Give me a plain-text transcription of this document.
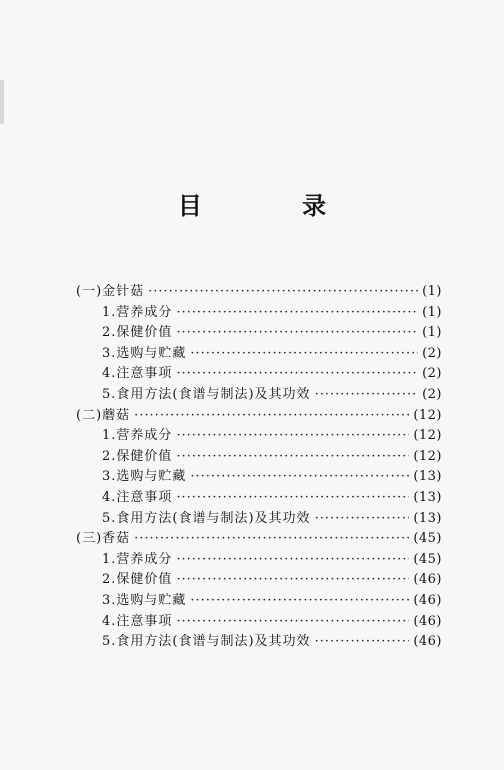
目 录
(一)金针菇 ·····	(1)
1.营养成分 ·····	(1)
2.保健价值 ·····	(1)
3.选购与贮藏 ·····	(2)
4.注意事项 ·····	(2)
5.食用方法(食谱与制法)及其功效 ·····	(2)
(二)蘑菇 ·····	(12)
1.营养成分 ·····	(12)
2.保健价值 ·····	(12)
3.选购与贮藏 ·····	(13)
4.注意事项 ·····	(13)
5.食用方法(食谱与制法)及其功效 ·····	(13)
(三)香菇 ·····	(45)
1.营养成分 ·····	(45)
2.保健价值 ·····	(46)
3.选购与贮藏 ·····	(46)
4.注意事项 ·····	(46)
5.食用方法(食谱与制法)及其功效 ·····	(46)
